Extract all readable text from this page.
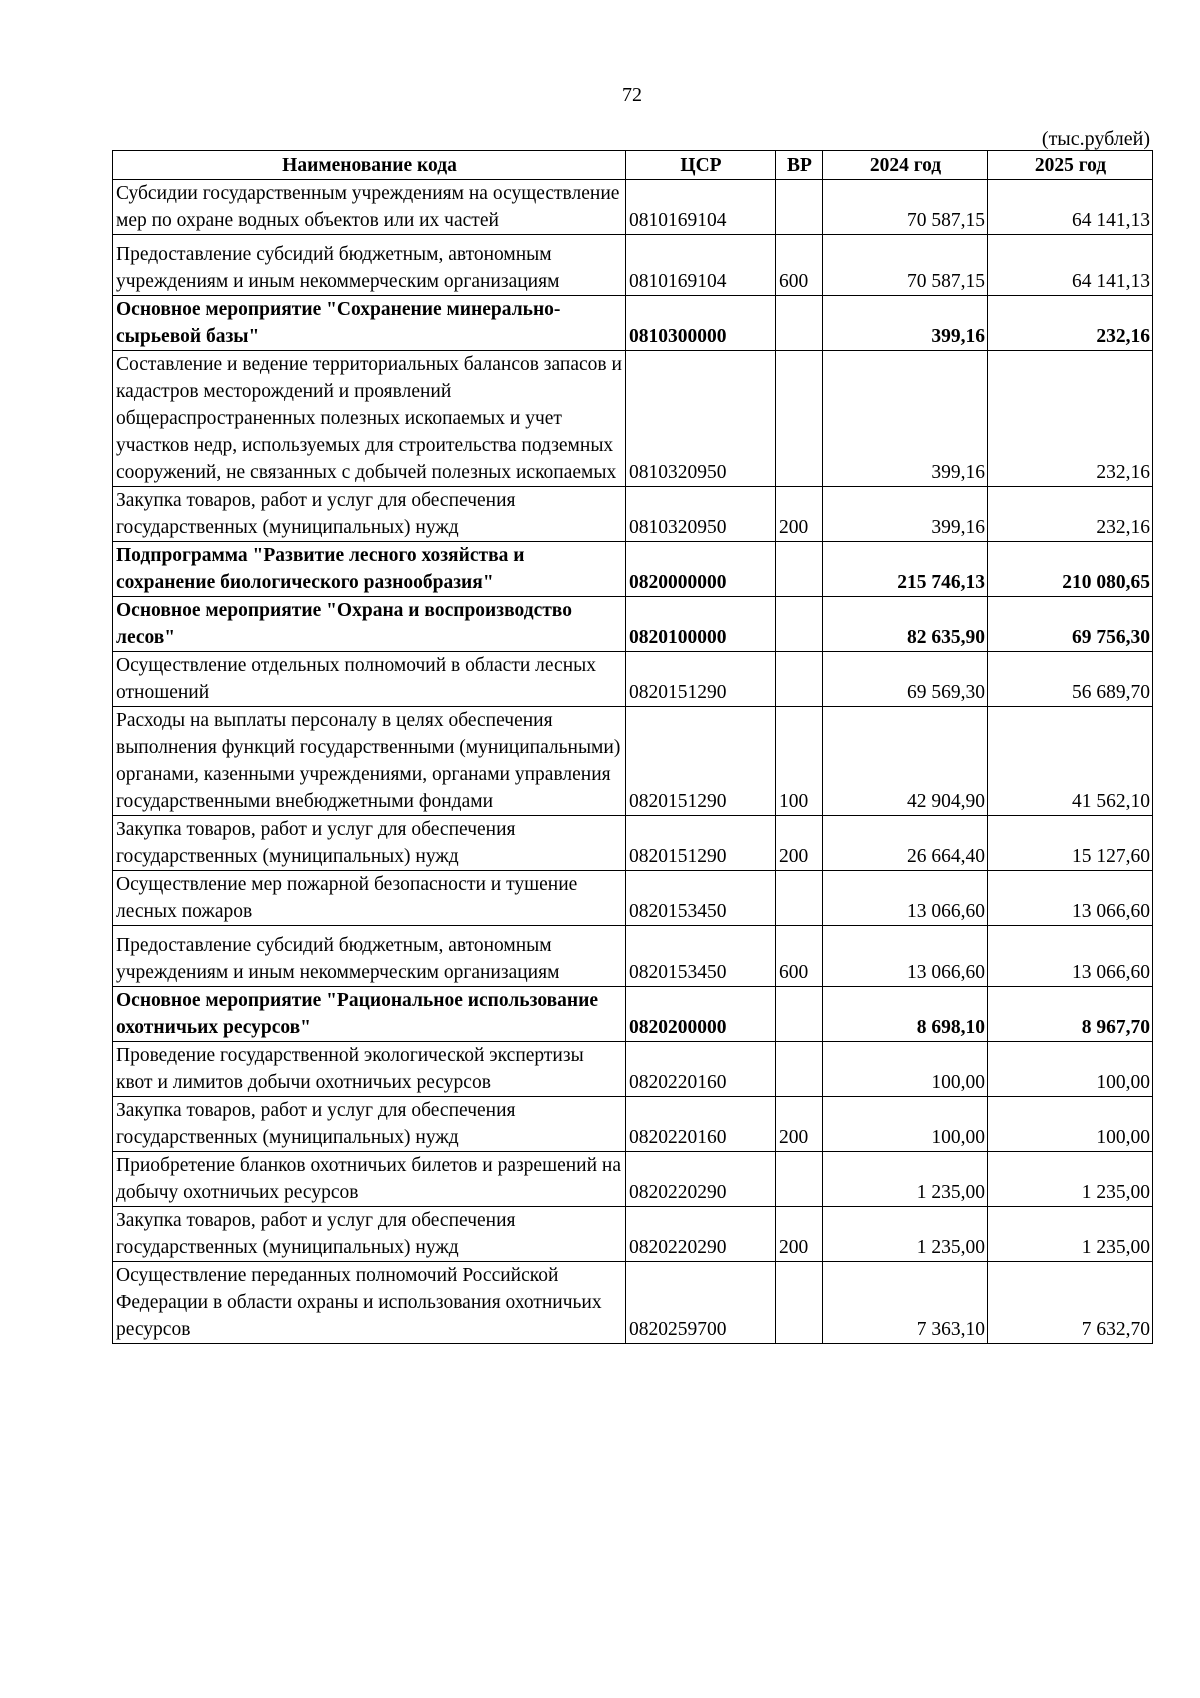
72
(тыс.рублей)
Наименование кода	ЦСР	ВР	2024 год	2025 год
Субсидии государственным учреждениям на осуществление мер по охране водных объектов или их частей	0810169104		70 587,15	64 141,13
Предоставление субсидий бюджетным, автономным учреждениям и иным некоммерческим организациям	0810169104	600	70 587,15	64 141,13
Основное мероприятие "Сохранение минерально-сырьевой базы"	0810300000		399,16	232,16
Составление и ведение территориальных балансов запасов и кадастров месторождений и проявлений общераспространенных полезных ископаемых и учет участков недр, используемых для строительства подземных сооружений, не связанных с добычей полезных ископаемых	0810320950		399,16	232,16
Закупка товаров, работ и услуг для обеспечения государственных (муниципальных) нужд	0810320950	200	399,16	232,16
Подпрограмма "Развитие лесного хозяйства и сохранение биологического разнообразия"	0820000000		215 746,13	210 080,65
Основное мероприятие "Охрана и воспроизводство лесов"	0820100000		82 635,90	69 756,30
Осуществление отдельных полномочий в области лесных отношений	0820151290		69 569,30	56 689,70
Расходы на выплаты персоналу в целях обеспечения выполнения функций государственными (муниципальными) органами, казенными учреждениями, органами управления государственными внебюджетными фондами	0820151290	100	42 904,90	41 562,10
Закупка товаров, работ и услуг для обеспечения государственных (муниципальных) нужд	0820151290	200	26 664,40	15 127,60
Осуществление мер пожарной безопасности и тушение лесных пожаров	0820153450		13 066,60	13 066,60
Предоставление субсидий бюджетным, автономным учреждениям и иным некоммерческим организациям	0820153450	600	13 066,60	13 066,60
Основное мероприятие "Рациональное использование охотничьих ресурсов"	0820200000		8 698,10	8 967,70
Проведение государственной экологической экспертизы квот и лимитов добычи охотничьих ресурсов	0820220160		100,00	100,00
Закупка товаров, работ и услуг для обеспечения государственных (муниципальных) нужд	0820220160	200	100,00	100,00
Приобретение бланков охотничьих билетов и разрешений на добычу охотничьих ресурсов	0820220290		1 235,00	1 235,00
Закупка товаров, работ и услуг для обеспечения государственных (муниципальных) нужд	0820220290	200	1 235,00	1 235,00
Осуществление переданных полномочий Российской Федерации в области охраны и использования охотничьих ресурсов	0820259700		7 363,10	7 632,70
